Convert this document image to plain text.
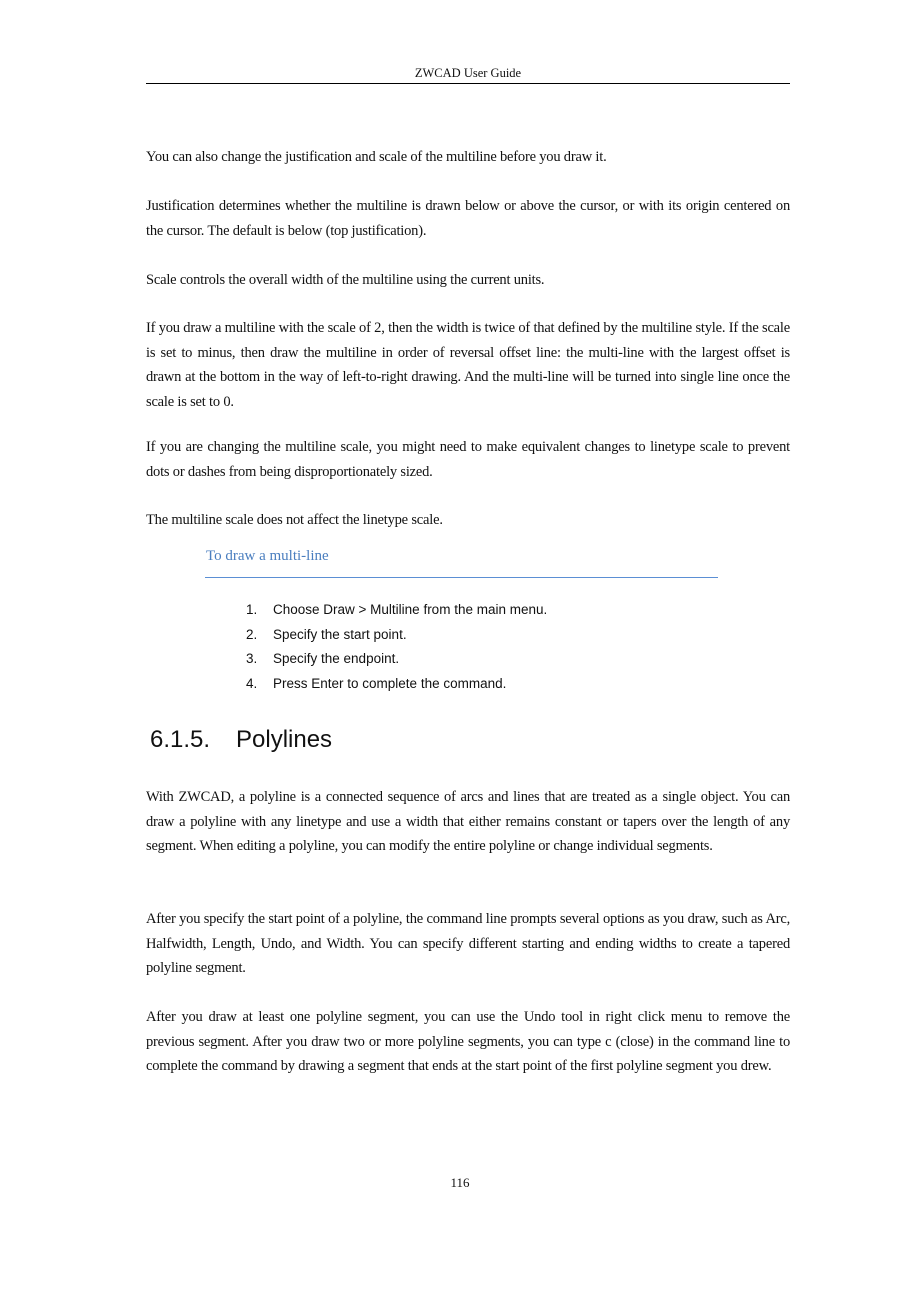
ZWCAD User Guide

You can also change the justification and scale of the multiline before you draw it.

Justification determines whether the multiline is drawn below or above the cursor, or with its origin centered on the cursor. The default is below (top justification).

Scale controls the overall width of the multiline using the current units.

If you draw a multiline with the scale of 2, then the width is twice of that defined by the multiline style. If the scale is set to minus, then draw the multiline in order of reversal offset line: the multi-line with the largest offset is drawn at the bottom in the way of left-to-right drawing. And the multi-line will be turned into single line once the scale is set to 0.

If you are changing the multiline scale, you might need to make equivalent changes to linetype scale to prevent dots or dashes from being disproportionately sized.

The multiline scale does not affect the linetype scale.

To draw a multi-line
1.	Choose Draw > Multiline from the main menu.
2.	Specify the start point.
3.	Specify the endpoint.
4.	Press Enter to complete the command.
6.1.5.	Polylines

With ZWCAD, a polyline is a connected sequence of arcs and lines that are treated as a single object. You can draw a polyline with any linetype and use a width that either remains constant or tapers over the length of any segment. When editing a polyline, you can modify the entire polyline or change individual segments.

After you specify the start point of a polyline, the command line prompts several options as you draw, such as Arc, Halfwidth, Length, Undo, and Width. You can specify different starting and ending widths to create a tapered polyline segment.

After you draw at least one polyline segment, you can use the Undo tool in right click menu to remove the previous segment. After you draw two or more polyline segments, you can type c (close) in the command line to complete the command by drawing a segment that ends at the start point of the first polyline segment you drew.

116
